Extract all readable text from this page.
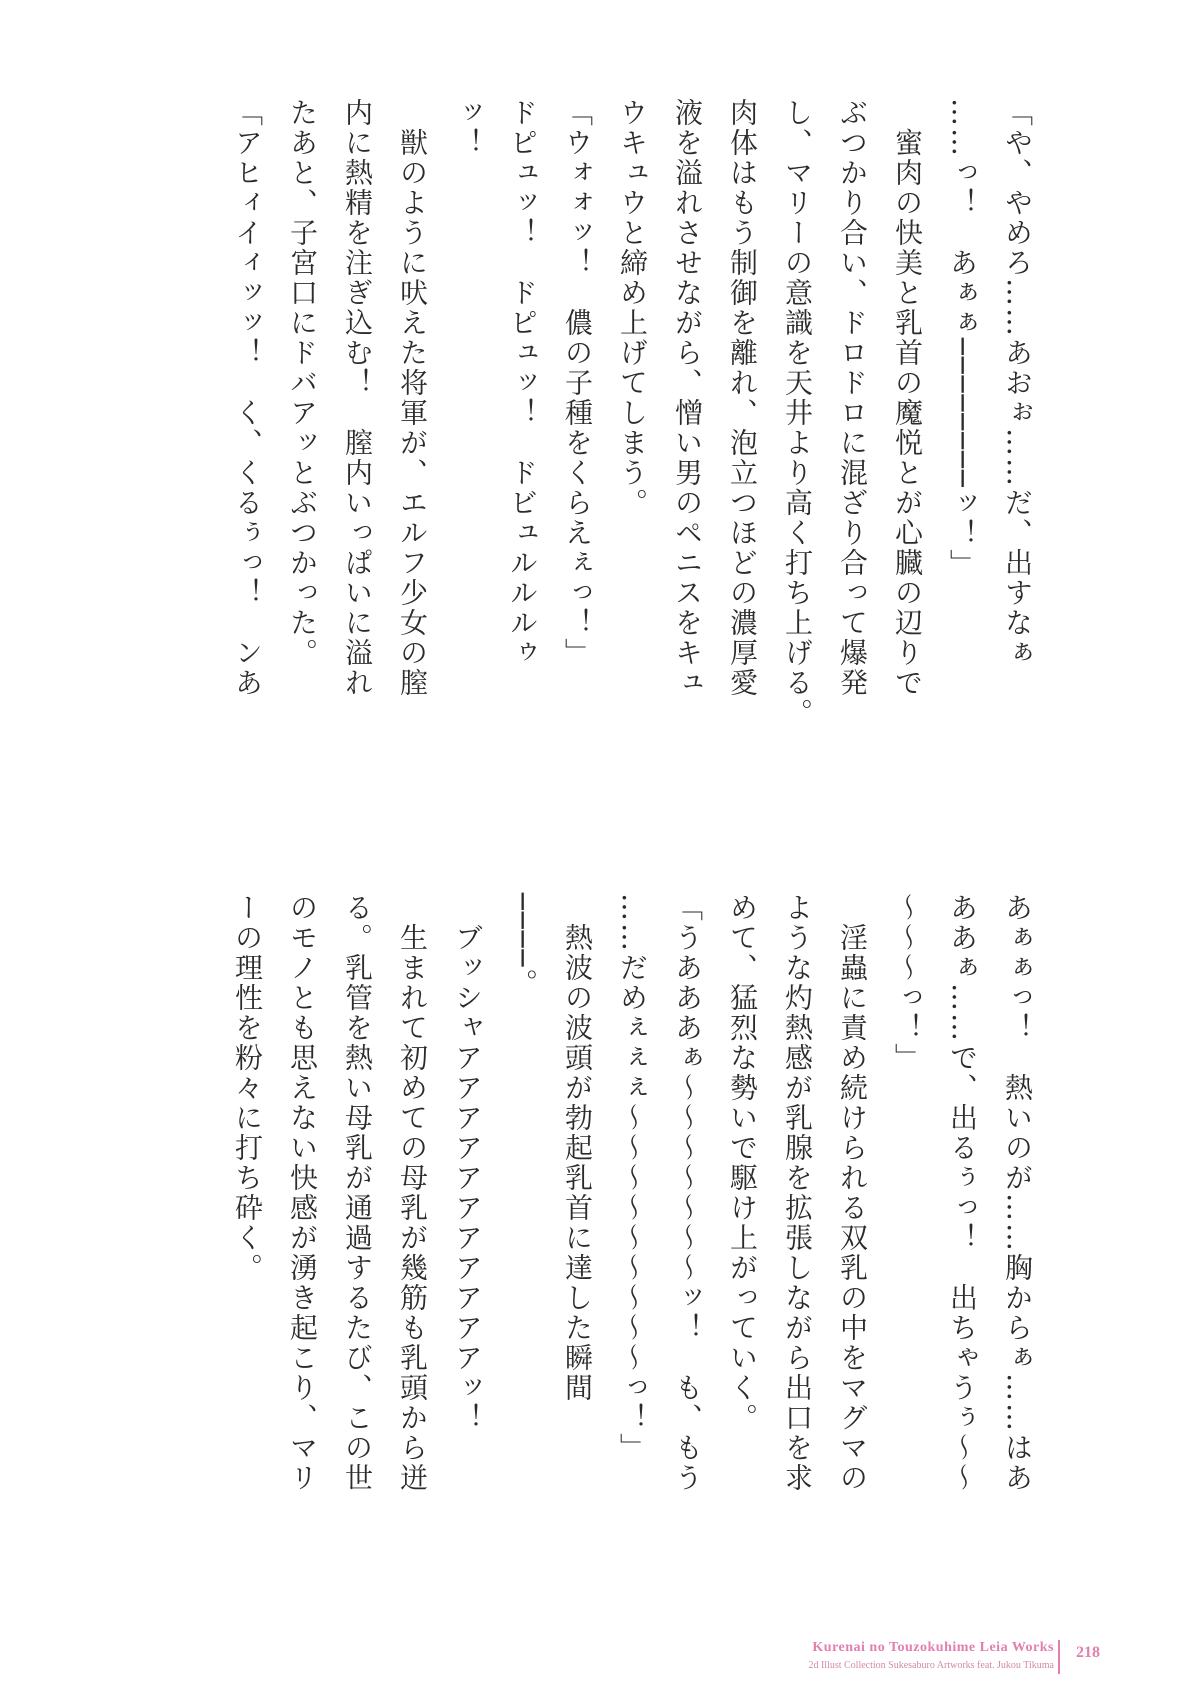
「や、やめろ……あおぉ……だ、出すなぁ
……っ！　あぁぁ────────ッ！」
　蜜肉の快美と乳首の魔悦とが心臓の辺りで
ぶつかり合い、ドロドロに混ざり合って爆発
し、マリーの意識を天井より高く打ち上げる。
肉体はもう制御を離れ、泡立つほどの濃厚愛
液を溢れさせながら、憎い男のペニスをキュ
ウキュウと締め上げてしまう。
「ウォォッ！　儂の子種をくらえぇっ！」
ドピュッ！　ドピュッ！　ドビュルルルゥ
ッ！
　獣のように吠えた将軍が、エルフ少女の膣
内に熱精を注ぎ込む！　膣内いっぱいに溢れ
たあと、子宮口にドバアッとぶつかった。
「アヒィイィッッ！　く、くるぅっ！　ンあ
あぁぁっ！　熱いのが……胸からぁ……はあ
ああぁ……で、出るぅっ！　出ちゃうぅ〜〜
〜〜〜っ！」
　淫蟲に責め続けられる双乳の中をマグマの
ような灼熱感が乳腺を拡張しながら出口を求
めて、猛烈な勢いで駆け上がっていく。
「うあああぁ〜〜〜〜〜〜〜ッ！　も、もう
……だめぇぇぇ〜〜〜〜〜〜〜〜〜っ！」
　熱波の波頭が勃起乳首に達した瞬間
────。
　ブッシャアアアアアアアアアアアッ！
　生まれて初めての母乳が幾筋も乳頭から迸
る。乳管を熱い母乳が通過するたび、この世
のモノとも思えない快感が湧き起こり、マリ
ーの理性を粉々に打ち砕く。
Kurenai no Touzokuhime Leia Works
2d Illust Collection Sukesaburo Artworks feat. Jukou Tikuma
218
